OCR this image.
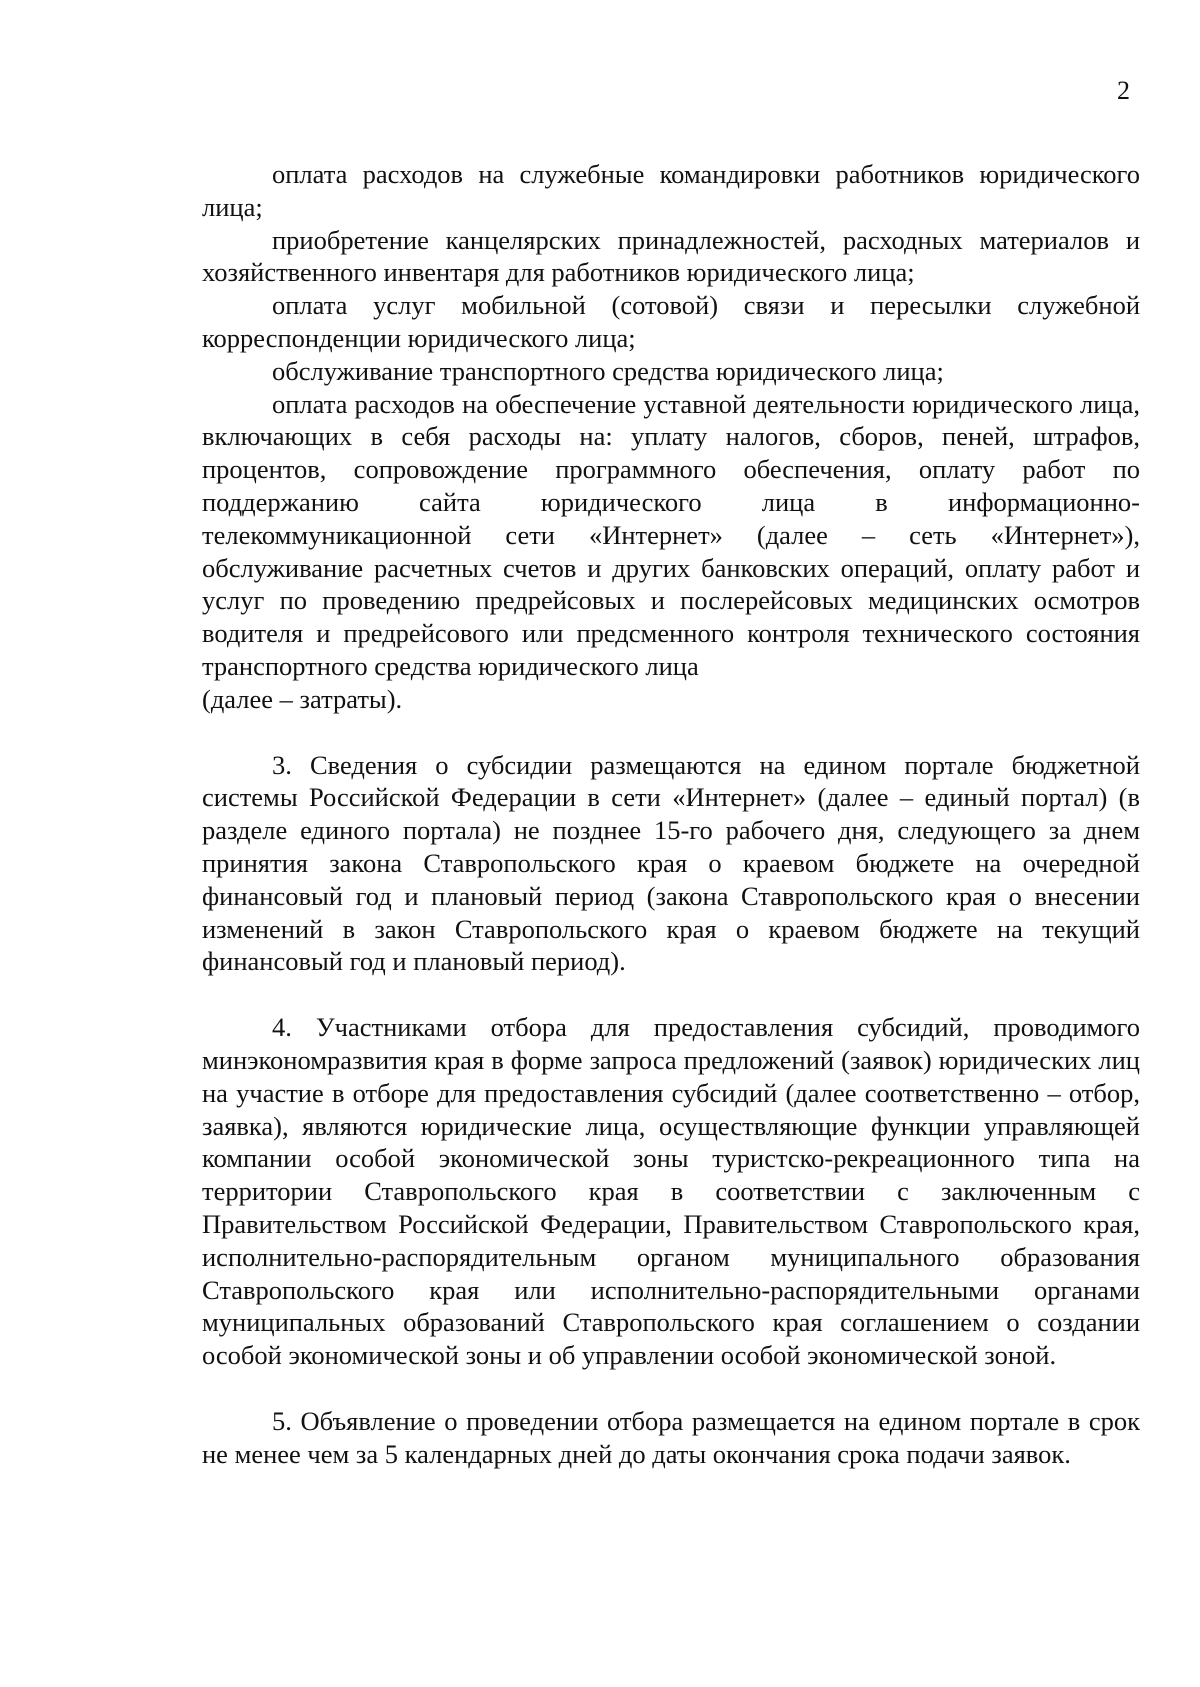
2

оплата расходов на служебные командировки работников юридического лица;

приобретение канцелярских принадлежностей, расходных материалов и хозяйственного инвентаря для работников юридического лица;

оплата услуг мобильной (сотовой) связи и пересылки служебной корреспонденции юридического лица;

обслуживание транспортного средства юридического лица;

оплата расходов на обеспечение уставной деятельности юридического лица, включающих в себя расходы на: уплату налогов, сборов, пеней, штрафов, процентов, сопровождение программного обеспечения, оплату работ по поддержанию сайта юридического лица в информационно-телекоммуникационной сети «Интернет» (далее – сеть «Интернет»), обслуживание расчетных счетов и других банковских операций, оплату работ и услуг по проведению предрейсовых и послерейсовых медицинских осмотров водителя и предрейсового или предсменного контроля технического состояния транспортного средства юридического лица

(далее – затраты).

3. Сведения о субсидии размещаются на едином портале бюджетной системы Российской Федерации в сети «Интернет» (далее – единый портал) (в разделе единого портала) не позднее 15-го рабочего дня, следующего за днем принятия закона Ставропольского края о краевом бюджете на очередной финансовый год и плановый период (закона Ставропольского края о внесении изменений в закон Ставропольского края о краевом бюджете на текущий финансовый год и плановый период).

4. Участниками отбора для предоставления субсидий, проводимого минэкономразвития края в форме запроса предложений (заявок) юридических лиц на участие в отборе для предоставления субсидий (далее соответственно – отбор, заявка), являются юридические лица, осуществляющие функции управляющей компании особой экономической зоны туристско-рекреационного типа на территории Ставропольского края в соответствии с заключенным с Правительством Российской Федерации, Правительством Ставропольского края, исполнительно-распорядительным органом муниципального образования Ставропольского края или исполнительно-распорядительными органами муниципальных образований Ставропольского края соглашением о создании особой экономической зоны и об управлении особой экономической зоной.

5. Объявление о проведении отбора размещается на едином портале в срок не менее чем за 5 календарных дней до даты окончания срока подачи заявок.
